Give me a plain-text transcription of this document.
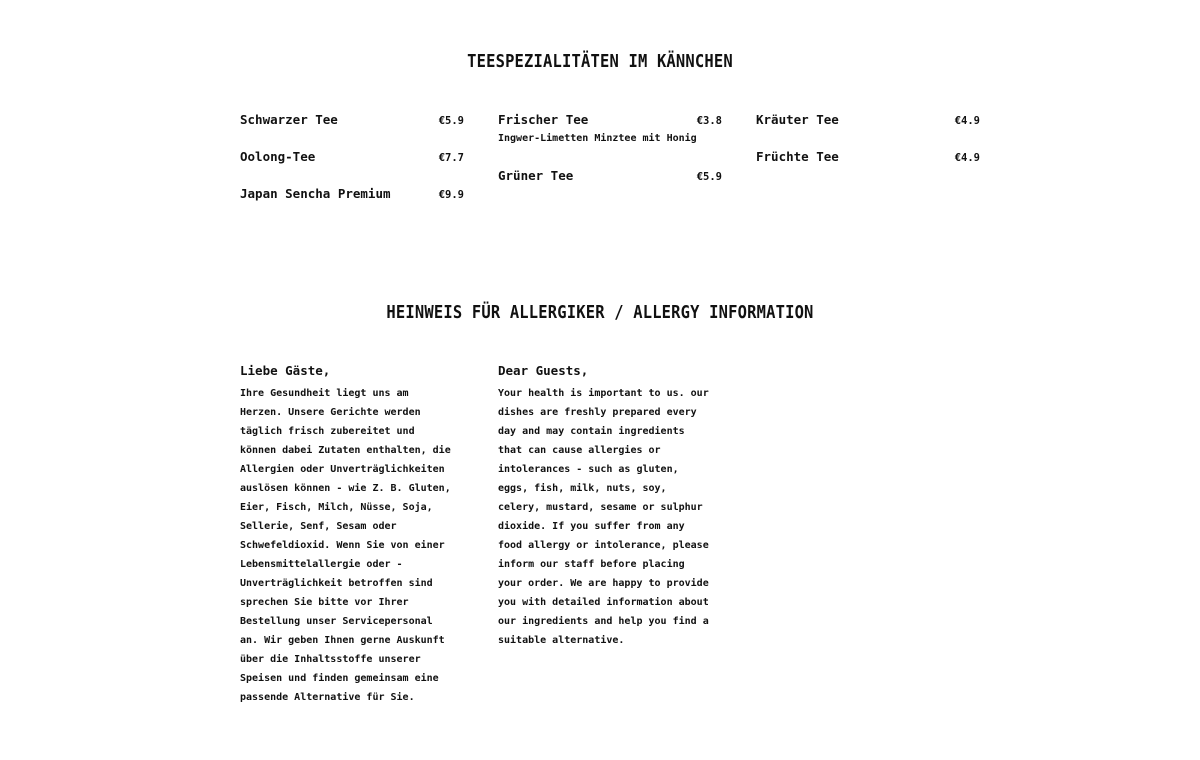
TEESPEZIALITÄTEN IM KÄNNCHEN
Schwarzer Tee	€5.9
Oolong-Tee	€7.7
Japan Sencha Premium	€9.9
Frischer Tee	€3.8
Ingwer-Limetten Minztee mit Honig
Grüner Tee	€5.9
Kräuter Tee	€4.9
Früchte Tee	€4.9
HEINWEIS FÜR ALLERGIKER / ALLERGY INFORMATION
Liebe Gäste,

Ihre Gesundheit liegt uns am
Herzen. Unsere Gerichte werden
täglich frisch zubereitet und
können dabei Zutaten enthalten, die
Allergien oder Unverträglichkeiten
auslösen können - wie Z. B. Gluten,
Eier, Fisch, Milch, Nüsse, Soja,
Sellerie, Senf, Sesam oder
Schwefeldioxid. Wenn Sie von einer
Lebensmittelallergie oder -
Unverträglichkeit betroffen sind
sprechen Sie bitte vor Ihrer
Bestellung unser Servicepersonal
an. Wir geben Ihnen gerne Auskunft
über die Inhaltsstoffe unserer
Speisen und finden gemeinsam eine
passende Alternative für Sie.

Dear Guests,

Your health is important to us. our
dishes are freshly prepared every
day and may contain ingredients
that can cause allergies or
intolerances - such as gluten,
eggs, fish, milk, nuts, soy,
celery, mustard, sesame or sulphur
dioxide. If you suffer from any
food allergy or intolerance, please
inform our staff before placing
your order. We are happy to provide
you with detailed information about
our ingredients and help you find a
suitable alternative.
